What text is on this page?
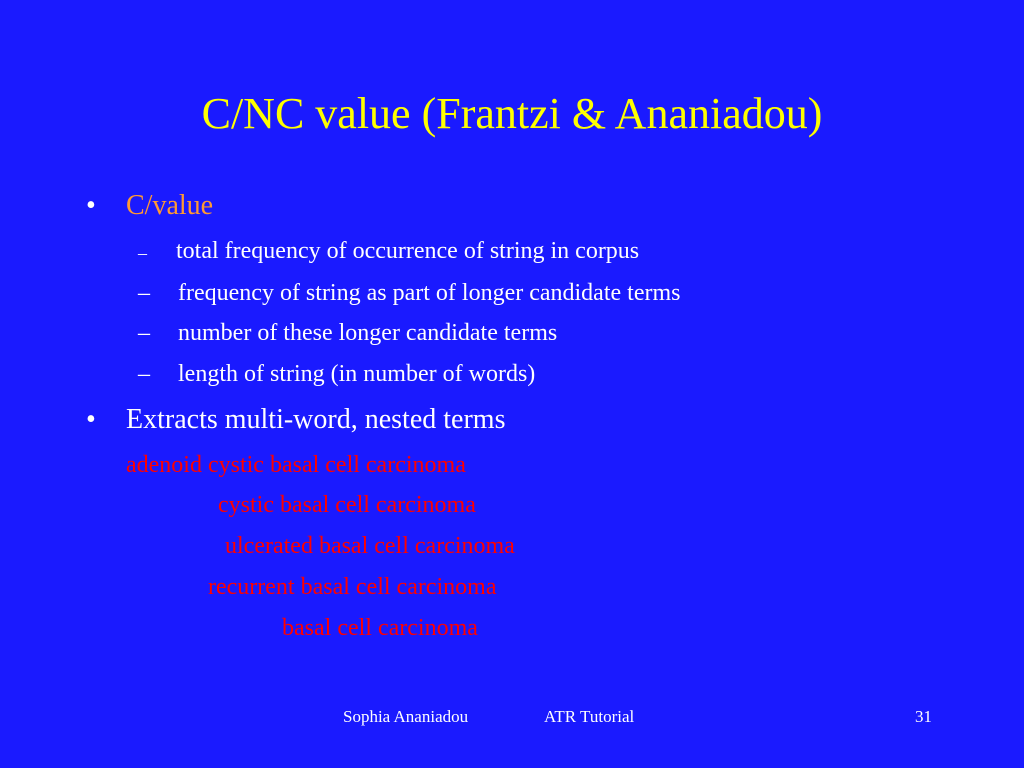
C/NC value (Frantzi & Ananiadou)
• C/value
– total frequency of occurrence of string in corpus
– frequency of string as part of longer candidate terms
– number of these longer candidate terms
– length of string (in number of words)
• Extracts multi-word, nested terms
adenoid cystic basal cell carcinoma
cystic basal cell carcinoma
ulcerated basal cell carcinoma
recurrent basal cell carcinoma
basal cell carcinoma
Sophia Ananiadou	ATR Tutorial	31
